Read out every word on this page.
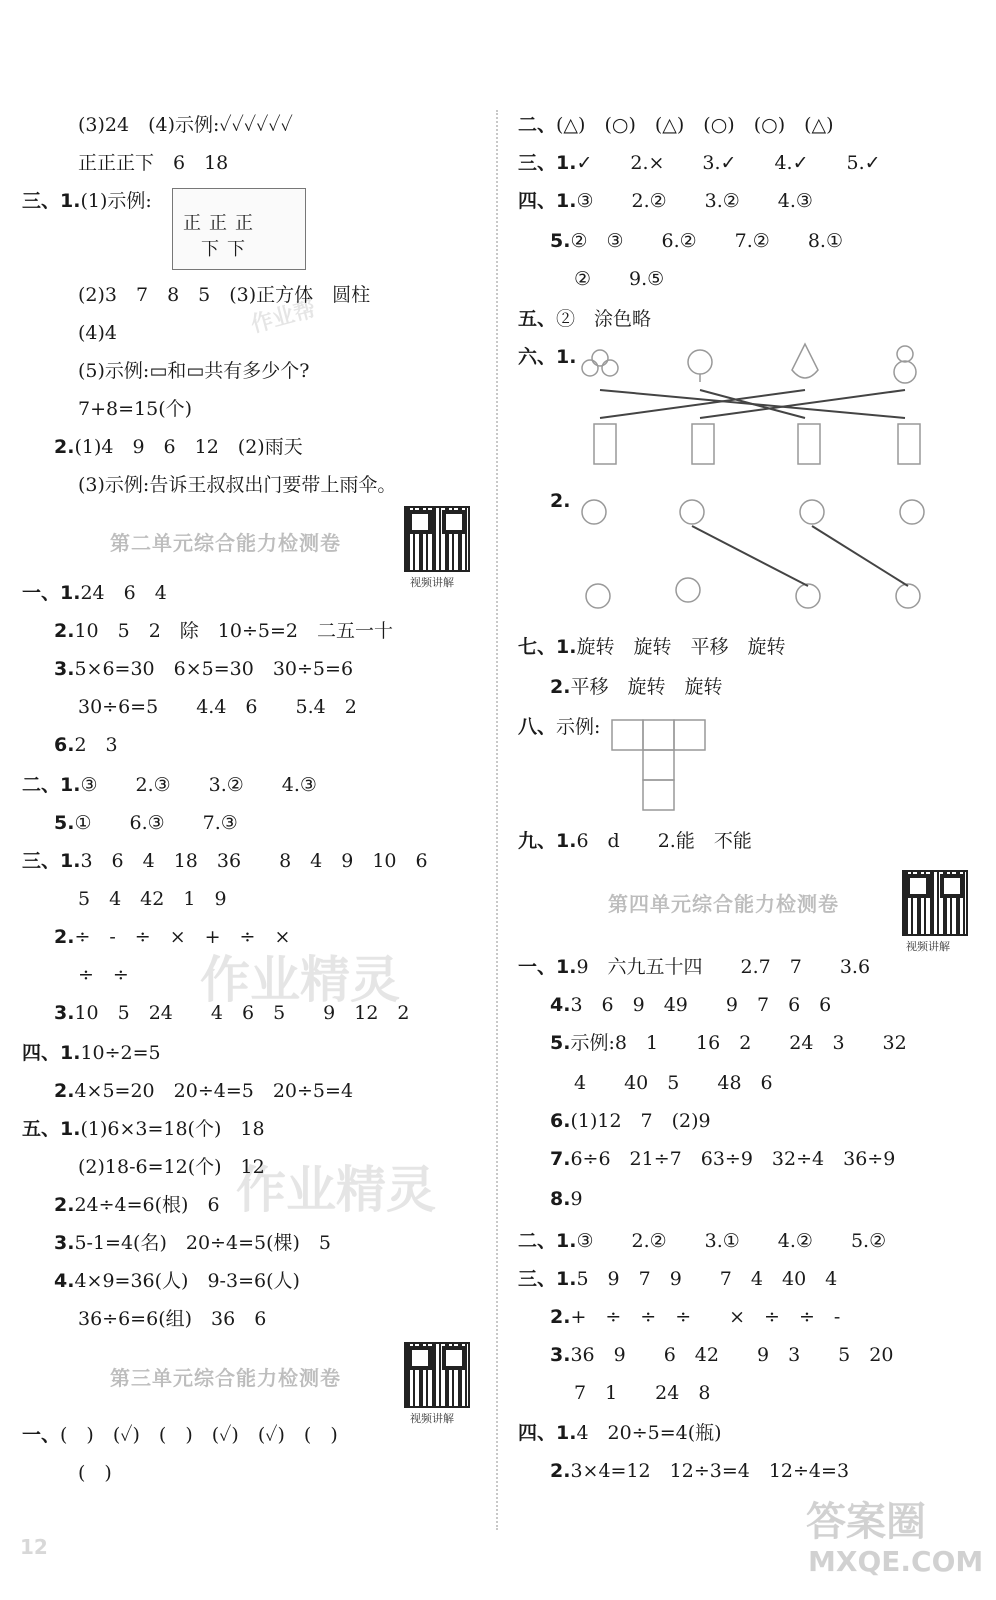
(3)24　(4)示例:✓✓✓✓✓✓
正正正下　6　18
三、1.(1)示例:
(2)3　7　8　5　(3)正方体　圆柱
(4)4
(5)示例:▭和▭共有多少个?
7+8=15(个)
2.(1)4　9　6　12　(2)雨天
(3)示例:告诉王叔叔出门要带上雨伞。
一、1.24　6　4
2.10　5　2　除　10÷5=2　二五一十
3.5×6=30　6×5=30　30÷5=6
30÷6=5　　4.4　6　　5.4　2
6.2　3
二、1.③　　2.③　　3.②　　4.③
5.①　　6.③　　7.③
三、1.3　6　4　18　36　　8　4　9　10　6
5　4　42　1　9
2.÷　-　÷　×　+　÷　×
÷　÷
3.10　5　24　　4　6　5　　9　12　2
四、1.10÷2=5
2.4×5=20　20÷4=5　20÷5=4
五、1.(1)6×3=18(个)　18
(2)18-6=12(个)　12
2.24÷4=6(根)　6
3.5-1=4(名)　20÷4=5(棵)　5
4.4×9=36(人)　9-3=6(人)
36÷6=6(组)　36　6
一、(　)　(✓)　(　)　(✓)　(✓)　(　)
(　)
二、(△)　(○)　(△)　(○)　(○)　(△)
三、1.✓　　2.×　　3.✓　　4.✓　　5.✓
四、1.③　　2.②　　3.②　　4.③
5.②　③　　6.②　　7.②　　8.①
②　　9.⑤
五、②　涂色略
六、1.
2.
七、1.旋转　旋转　平移　旋转
2.平移　旋转　旋转
八、示例:
九、1.6　d　　2.能　不能
一、1.9　六九五十四　　2.7　7　　3.6
4.3　6　9　49　　9　7　6　6
5.示例:8　1　　16　2　　24　3　　32
4　　40　5　　48　6
6.(1)12　7　(2)9
7.6÷6　21÷7　63÷9　32÷4　36÷9
8.9
二、1.③　　2.②　　3.①　　4.②　　5.②
三、1.5　9　7　9　　7　4　40　4
2.+　÷　÷　÷　　×　÷　÷　-
3.36　9　　6　42　　9　3　　5　20
7　1　　24　8
四、1.4　20÷5=4(瓶)
2.3×4=12　12÷3=4　12÷4=3
正正正
下下
第二单元综合能力检测卷
视频讲解
第三单元综合能力检测卷
视频讲解
第四单元综合能力检测卷
视频讲解
作业帮
作业精灵
作业精灵
答案圈
MXQE.COM
12
